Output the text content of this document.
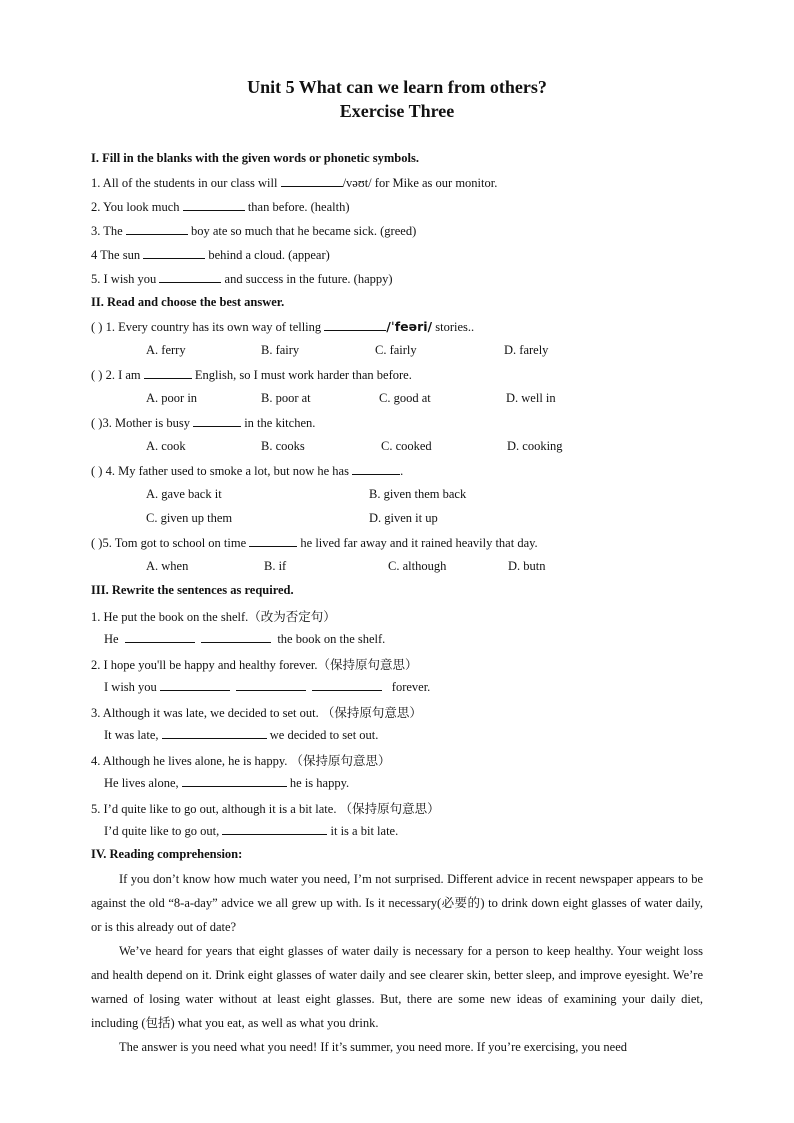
Unit 5 What can we learn from others?
Exercise Three
I. Fill in the blanks with the given words or phonetic symbols.
1. All of the students in our class will	/vəʊt/ for Mike as our monitor.
2. You look much	than before. (health)
3. The	boy ate so much that he became sick. (greed)
4 The sun	behind a cloud. (appear)
5. I wish you	and success in the future. (happy)
II. Read and choose the best answer.
( ) 1. Every country has its own way of telling	/ˈfeəri/ stories..
A. ferry	B. fairy	C. fairly	D. farely
( ) 2. I am	English, so I must work harder than before.
A. poor in	B. poor at	C. good at	D. well in
( )3. Mother is busy	in the kitchen.
A. cook	B. cooks	C. cooked	D. cooking
( ) 4. My father used to smoke a lot, but now he has	.
A. gave back it	B. given them back
C. given up them	D. given it up
( )5. Tom got to school on time	he lived far away and it rained heavily that day.
A. when	B. if	C. although	D. butn
III. Rewrite the sentences as required.
1. He put the book on the shelf.（改为否定句）
He	the book on the shelf.
2. I hope you'll be happy and healthy forever.（保持原句意思）
I wish you	forever.
3. Although it was late, we decided to set out. （保持原句意思）
It was late,	we decided to set out.
4. Although he lives alone, he is happy. （保持原句意思）
He lives alone,	he is happy.
5. I’d quite like to go out, although it is a bit late. （保持原句意思）
I’d quite like to go out,	it is a bit late.
IV. Reading comprehension:
If you don’t know how much water you need, I’m not surprised. Different advice in recent newspaper appears to be against the old “8-a-day” advice we all grew up with. Is it necessary(必要的) to drink down eight glasses of water daily, or is this already out of date?
We’ve heard for years that eight glasses of water daily is necessary for a person to keep healthy. Your weight loss and health depend on it. Drink eight glasses of water daily and see clearer skin, better sleep, and improve eyesight. We’re warned of losing water without at least eight glasses. But, there are some new ideas of examining your daily diet, including (包括) what you eat, as well as what you drink.
The answer is you need what you need! If it’s summer, you need more. If you’re exercising, you need
